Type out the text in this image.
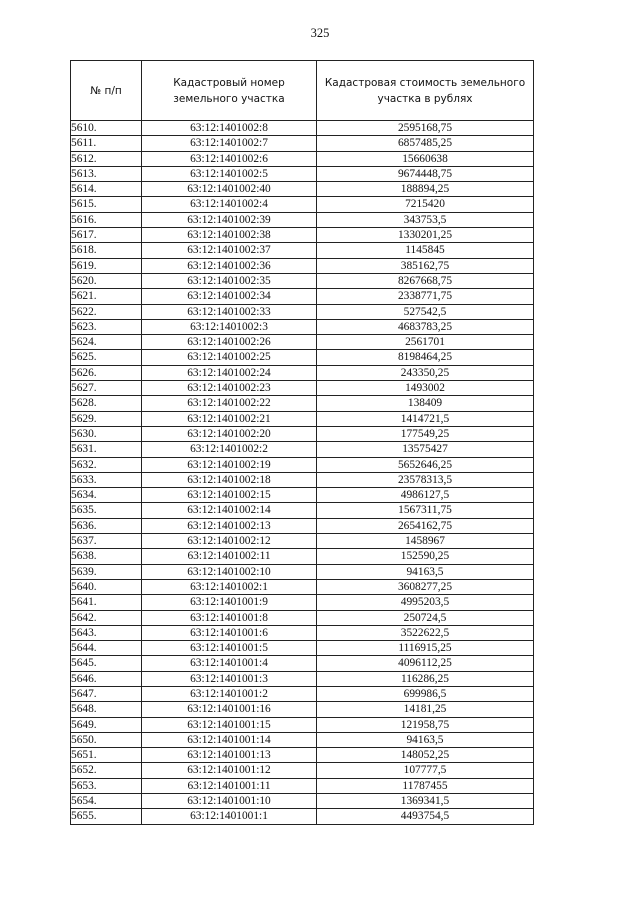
325
№ п/п	Кадастровый номер земельного участка	Кадастровая стоимость земельного участка в рублях
5610.	63:12:1401002:8	2595168,75
5611.	63:12:1401002:7	6857485,25
5612.	63:12:1401002:6	15660638
5613.	63:12:1401002:5	9674448,75
5614.	63:12:1401002:40	188894,25
5615.	63:12:1401002:4	7215420
5616.	63:12:1401002:39	343753,5
5617.	63:12:1401002:38	1330201,25
5618.	63:12:1401002:37	1145845
5619.	63:12:1401002:36	385162,75
5620.	63:12:1401002:35	8267668,75
5621.	63:12:1401002:34	2338771,75
5622.	63:12:1401002:33	527542,5
5623.	63:12:1401002:3	4683783,25
5624.	63:12:1401002:26	2561701
5625.	63:12:1401002:25	8198464,25
5626.	63:12:1401002:24	243350,25
5627.	63:12:1401002:23	1493002
5628.	63:12:1401002:22	138409
5629.	63:12:1401002:21	1414721,5
5630.	63:12:1401002:20	177549,25
5631.	63:12:1401002:2	13575427
5632.	63:12:1401002:19	5652646,25
5633.	63:12:1401002:18	23578313,5
5634.	63:12:1401002:15	4986127,5
5635.	63:12:1401002:14	1567311,75
5636.	63:12:1401002:13	2654162,75
5637.	63:12:1401002:12	1458967
5638.	63:12:1401002:11	152590,25
5639.	63:12:1401002:10	94163,5
5640.	63:12:1401002:1	3608277,25
5641.	63:12:1401001:9	4995203,5
5642.	63:12:1401001:8	250724,5
5643.	63:12:1401001:6	3522622,5
5644.	63:12:1401001:5	1116915,25
5645.	63:12:1401001:4	4096112,25
5646.	63:12:1401001:3	116286,25
5647.	63:12:1401001:2	699986,5
5648.	63:12:1401001:16	14181,25
5649.	63:12:1401001:15	121958,75
5650.	63:12:1401001:14	94163,5
5651.	63:12:1401001:13	148052,25
5652.	63:12:1401001:12	107777,5
5653.	63:12:1401001:11	11787455
5654.	63:12:1401001:10	1369341,5
5655.	63:12:1401001:1	4493754,5
